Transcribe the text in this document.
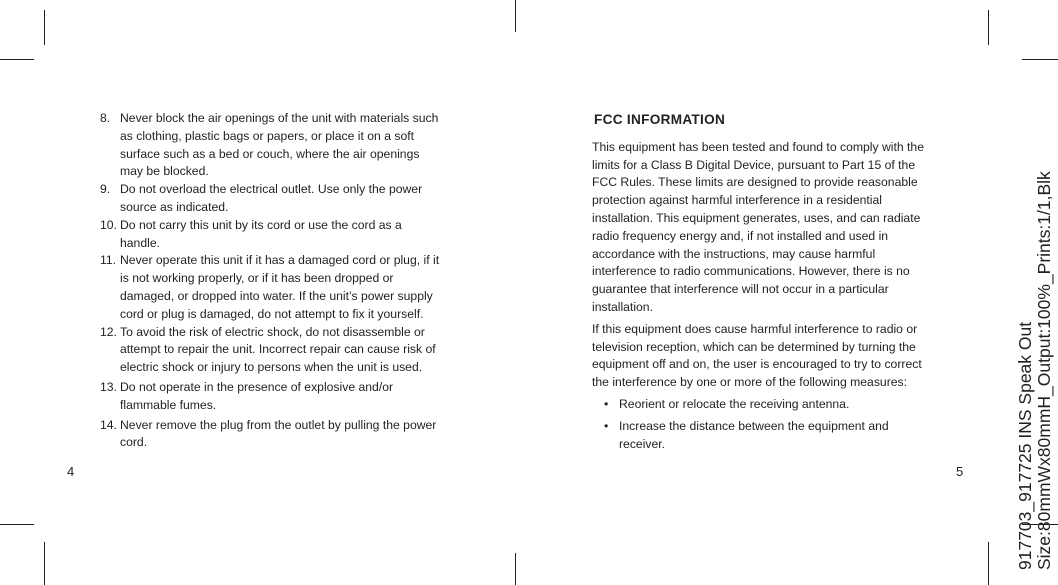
8. Never block the air openings of the unit with materials such as clothing, plastic bags or papers, or place it on a soft surface such as a bed or couch, where the air openings may be blocked.
9. Do not overload the electrical outlet. Use only the power source as indicated.
10. Do not carry this unit by its cord or use the cord as a handle.
11. Never operate this unit if it has a damaged cord or plug, if it is not working properly, or if it has been dropped or damaged, or dropped into water. If the unit’s power supply cord or plug is damaged, do not attempt to fix it yourself.
12. To avoid the risk of electric shock, do not disassemble or attempt to repair the unit. Incorrect repair can cause risk of electric shock or injury to persons when the unit is used.
13. Do not operate in the presence of explosive and/or flammable fumes.
14. Never remove the plug from the outlet by pulling the power cord.
FCC INFORMATION

This equipment has been tested and found to comply with the limits for a Class B Digital Device, pursuant to Part 15 of the FCC Rules. These limits are designed to provide reasonable protection against harmful interference in a residential installation. This equipment generates, uses, and can radiate radio frequency energy and, if not installed and used in accordance with the instructions, may cause harmful interference to radio communications. However, there is no guarantee that interference will not occur in a particular installation.

If this equipment does cause harmful interference to radio or television reception, which can be determined by turning the equipment off and on, the user is encouraged to try to correct the interference by one or more of the following measures:

• Reorient or relocate the receiving antenna.
• Increase the distance between the equipment and receiver.
4	5	917703_917725 INS Speak Out Size:80mmWx80mmH_Output:100%_Prints:1/1,Blk
